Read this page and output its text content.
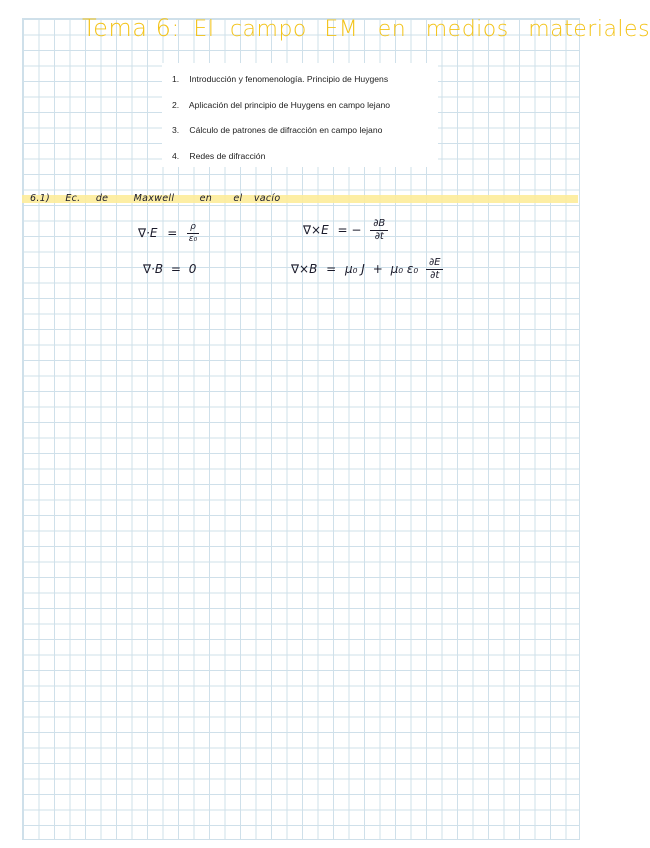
Tema 6: El campo EM en medios materiales
1. Introducción y fenomenología. Principio de Huygens
2. Aplicación del principio de Huygens en campo lejano
3. Cálculo de patrones de difracción en campo lejano
4. Redes de difracción
6.1) Ec. de	Maxwell	en el vacío
$\nabla\cdot E = \frac{\rho}{\text{ε₀}}$	∇×E = − $\frac{\partial B}{\partial t}$
∇·B = 0	∇×B = μ₀ J + μ₀ $\varepsilon_0 \frac{\partial E}{\partial t}$
